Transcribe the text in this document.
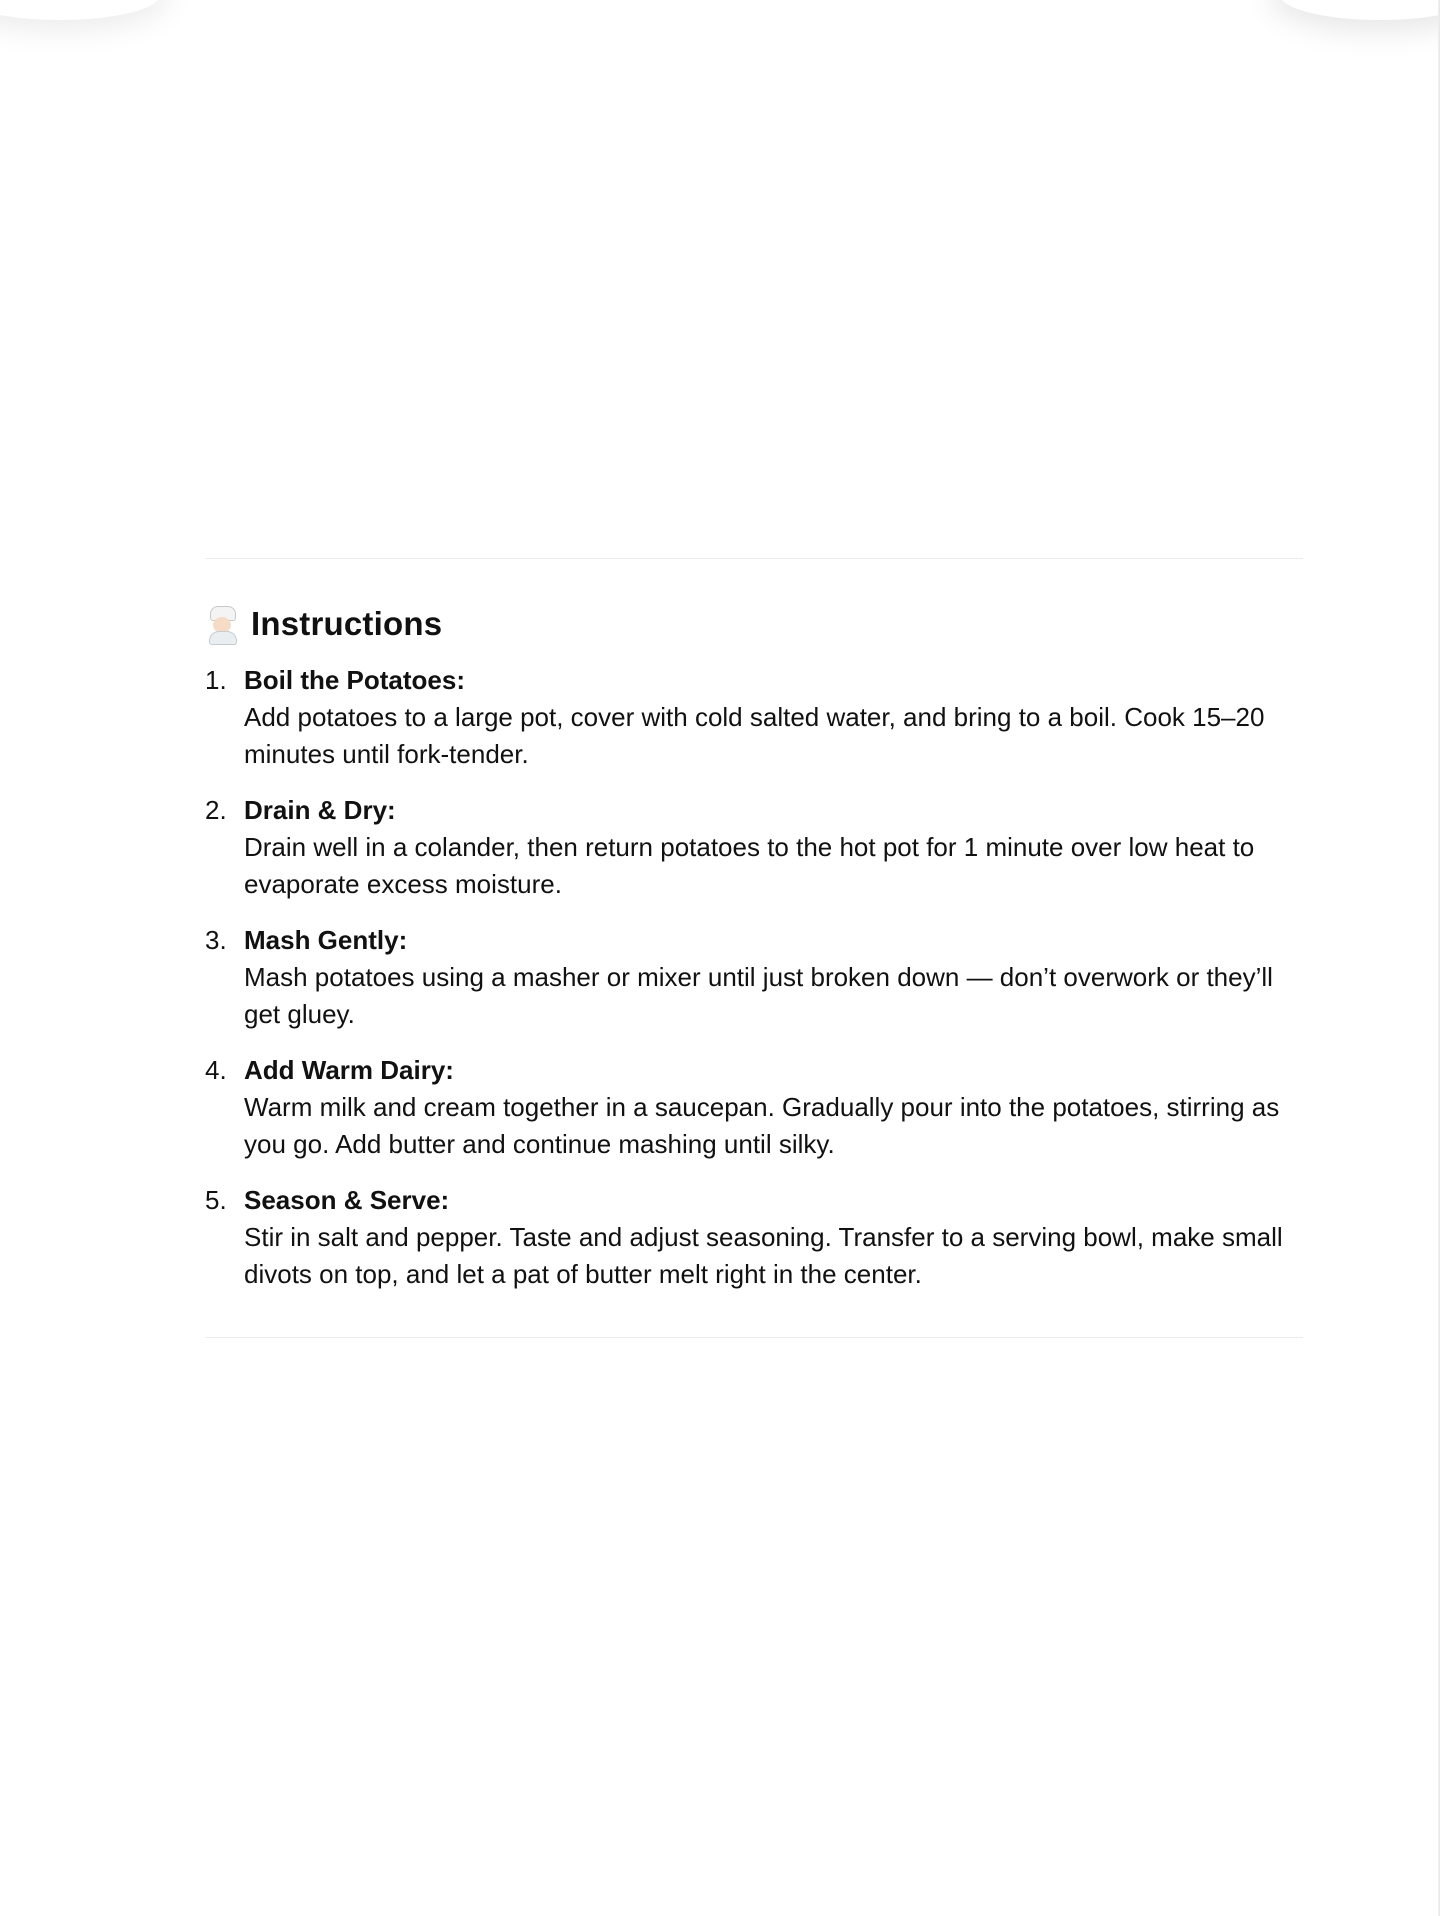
Instructions
1. Boil the Potatoes:
Add potatoes to a large pot, cover with cold salted water, and bring to a boil. Cook 15–20 minutes until fork-tender.
2. Drain & Dry:
Drain well in a colander, then return potatoes to the hot pot for 1 minute over low heat to evaporate excess moisture.
3. Mash Gently:
Mash potatoes using a masher or mixer until just broken down — don’t overwork or they’ll get gluey.
4. Add Warm Dairy:
Warm milk and cream together in a saucepan. Gradually pour into the potatoes, stirring as you go. Add butter and continue mashing until silky.
5. Season & Serve:
Stir in salt and pepper. Taste and adjust seasoning. Transfer to a serving bowl, make small divots on top, and let a pat of butter melt right in the center.
